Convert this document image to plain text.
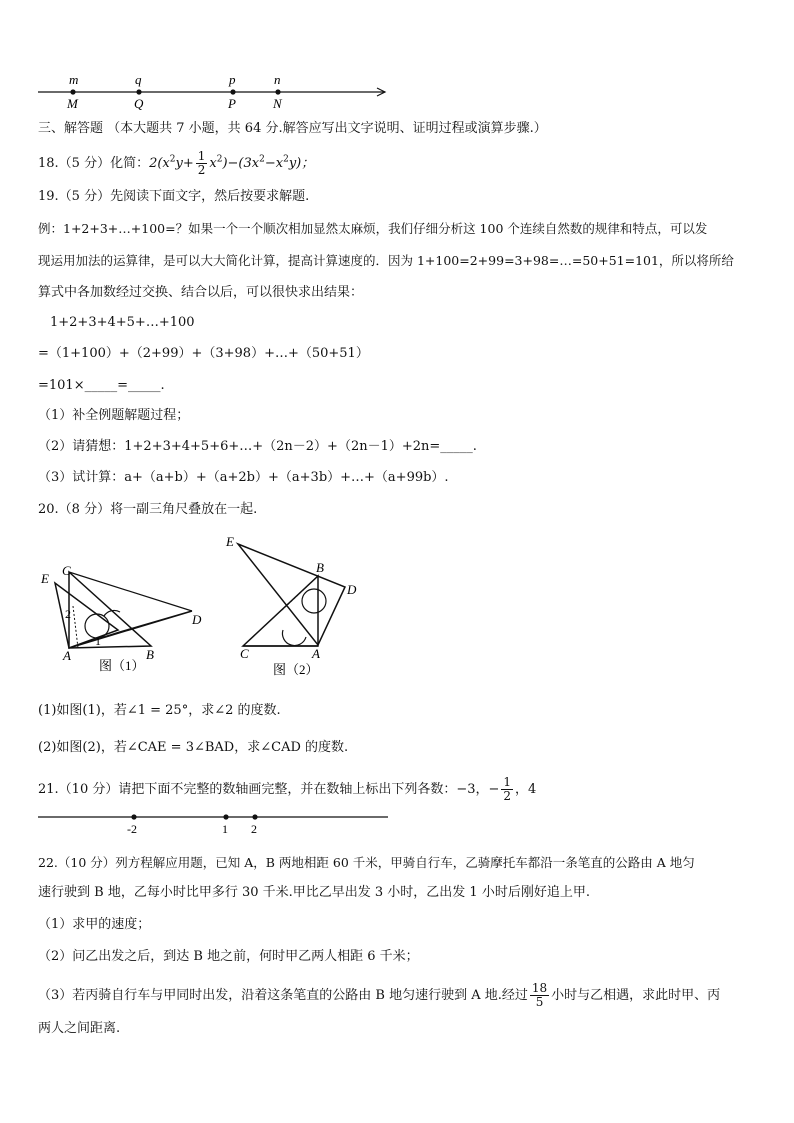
m
M
q
Q
p
P
n
N
三、解答题 （本大题共 7 小题，共 64 分.解答应写出文字说明、证明过程或演算步骤.）
18.（5 分）化简：$2(x^2y+ \frac{1}{2} x^2)-(3x^2-x^2y)$；
19.（5 分）先阅读下面文字，然后按要求解题.
例：1+2+3+…+100=？如果一个一个顺次相加显然太麻烦，我们仔细分析这 100 个连续自然数的规律和特点，可以发
现运用加法的运算律，是可以大大简化计算，提高计算速度的．因为 1+100=2+99=3+98=…=50+51=101，所以将所给
算式中各加数经过交换、结合以后，可以很快求出结果：
1+2+3+4+5+…+100
=（1+100）+（2+99）+（3+98）+…+（50+51）
=101×_____=_____.
（1）补全例题解题过程；
（2）请猜想：1+2+3+4+5+6+…+（2n－2）+（2n－1）+2n=_____.
（3）试计算：a+（a+b）+（a+2b）+（a+3b）+…+（a+99b）.
20.（8 分）将一副三角尺叠放在一起.
E
C
D
A	B
2
1
图（1）
E
B
D
C	A
图（2）
(1)如图(1)，若∠1 = 25°，求∠2 的度数.
(2)如图(2)，若∠CAE = 3∠BAD，求∠CAD 的度数.
21.（10 分）请把下面不完整的数轴画完整，并在数轴上标出下列各数：−3，− $\frac{1}{2}$ ，4
-2	1 2
22.（10 分）列方程解应用题，已知 A，B 两地相距 60 千米，甲骑自行车，乙骑摩托车都沿一条笔直的公路由 A 地匀
速行驶到 B 地，乙每小时比甲多行 30 千米.甲比乙早出发 3 小时，乙出发 1 小时后刚好追上甲.
（1）求甲的速度；
（2）问乙出发之后，到达 B 地之前，何时甲乙两人相距 6 千米；
（3）若丙骑自行车与甲同时出发，沿着这条笔直的公路由 B 地匀速行驶到 A 地.经过 $\frac{18}{5}$ 小时与乙相遇，求此时甲、丙
两人之间距离.
